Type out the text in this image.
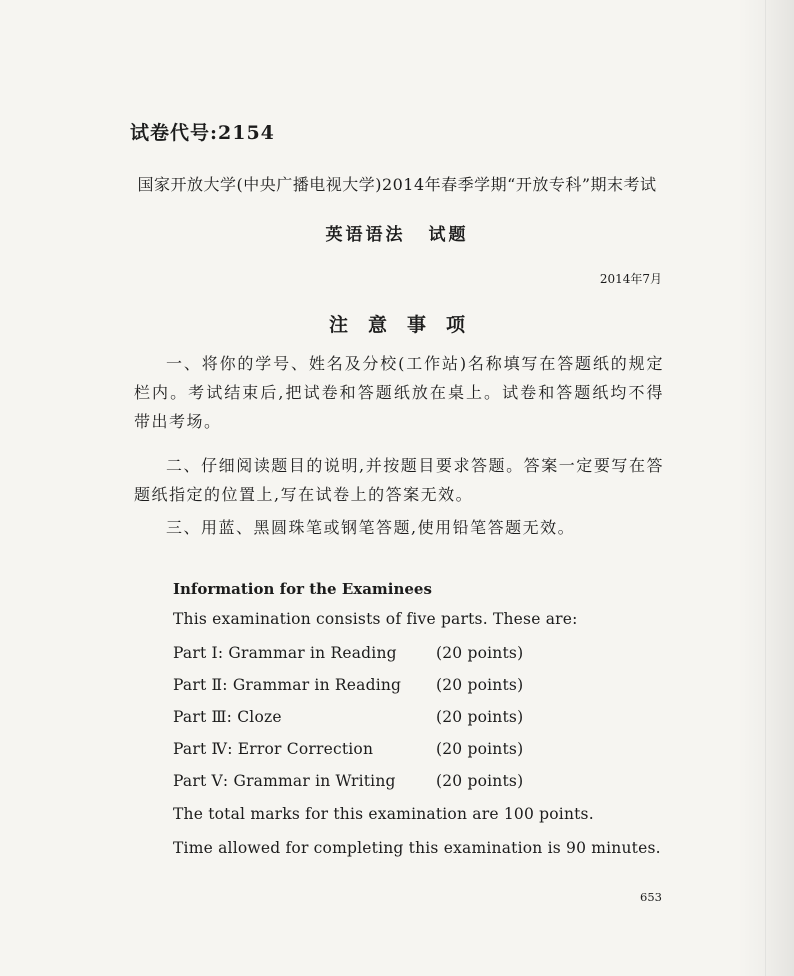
试卷代号:2154
国家开放大学(中央广播电视大学)2014年春季学期“开放专科”期末考试
英语语法 试题
2014年7月
注意事项
一、将你的学号、姓名及分校(工作站)名称填写在答题纸的规定栏内。考试结束后,把试卷和答题纸放在桌上。试卷和答题纸均不得带出考场。
二、仔细阅读题目的说明,并按题目要求答题。答案一定要写在答题纸指定的位置上,写在试卷上的答案无效。
三、用蓝、黑圆珠笔或钢笔答题,使用铅笔答题无效。
Information for the Examinees
This examination consists of five parts. These are:
Part Ⅰ: Grammar in Reading	(20 points)
Part Ⅱ: Grammar in Reading (20 points)
Part Ⅲ: Cloze	(20 points)
Part Ⅳ: Error Correction	(20 points)
Part Ⅴ: Grammar in Writing	(20 points)
The total marks for this examination are 100 points.
Time allowed for completing this examination is 90 minutes.
653
